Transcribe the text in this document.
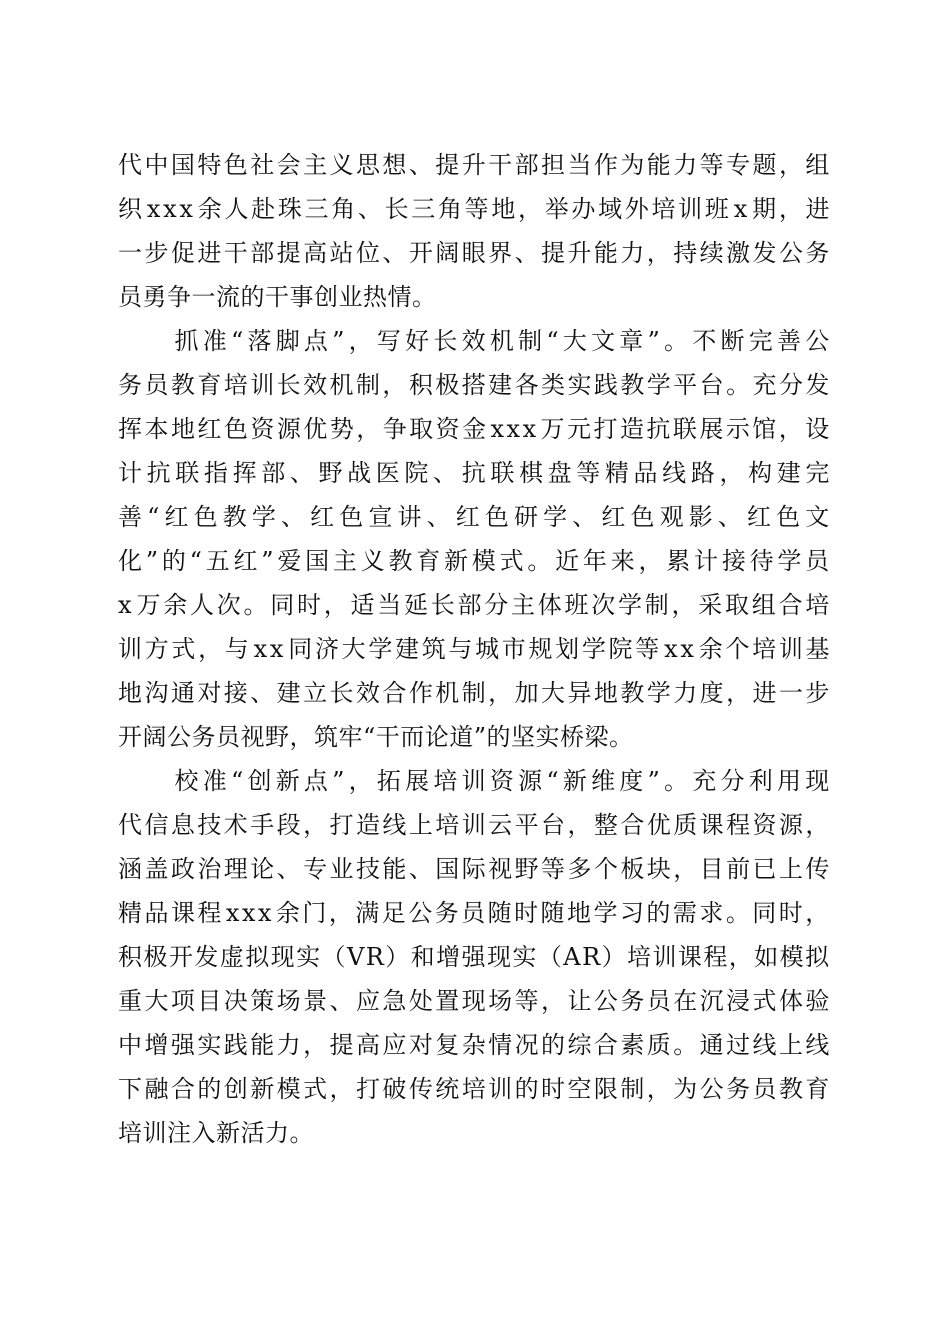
代 中 国 特 色 社 会 主 义 思 想 、 提 升 干 部 担 当 作 为 能 力 等 专 题 ， 组
织 x x x 余 人 赴 珠 三 角 、 长 三 角 等 地 ， 举 办 域 外 培 训 班 x 期 ， 进
一 步 促 进 干 部 提 高 站 位 、 开 阔 眼 界 、 提 升 能 力 ， 持 续 激 发 公 务
员勇争一流的干事创业热情。

抓 准 “ 落 脚 点 ” ， 写 好 长 效 机 制 “ 大 文 章 ” 。 不 断 完 善 公
务 员 教 育 培 训 长 效 机 制 ， 积 极 搭 建 各 类 实 践 教 学 平 台 。 充 分 发
挥 本 地 红 色 资 源 优 势 ， 争 取 资 金 x x x 万 元 打 造 抗 联 展 示 馆 ， 设
计 抗 联 指 挥 部 、 野 战 医 院 、 抗 联 棋 盘 等 精 品 线 路 ， 构 建 完
善 “ 红 色 教 学 、 红 色 宣 讲 、 红 色 研 学 、 红 色 观 影 、 红 色 文
化 ” 的 “ 五 红 ” 爱 国 主 义 教 育 新 模 式 。 近 年 来 ， 累 计 接 待 学 员
x 万 余 人 次 。 同 时 ， 适 当 延 长 部 分 主 体 班 次 学 制 ， 采 取 组 合 培
训 方 式 ， 与 x x 同 济 大 学 建 筑 与 城 市 规 划 学 院 等 x x 余 个 培 训 基
地 沟 通 对 接 、 建 立 长 效 合 作 机 制 ， 加 大 异 地 教 学 力 度 ， 进 一 步
开阔公务员视野，筑牢“干而论道”的坚实桥梁。

校 准 “ 创 新 点 ” ， 拓 展 培 训 资 源 “ 新 维 度 ” 。 充 分 利 用 现
代 信 息 技 术 手 段 ， 打 造 线 上 培 训 云 平 台 ， 整 合 优 质 课 程 资 源 ，
涵 盖 政 治 理 论 、 专 业 技 能 、 国 际 视 野 等 多 个 板 块 ， 目 前 已 上 传
精 品 课 程 x x x 余 门 ， 满 足 公 务 员 随 时 随 地 学 习 的 需 求 。 同 时 ，
积 极 开 发 虚 拟 现 实 （ V R ） 和 增 强 现 实 （ A R ） 培 训 课 程 ， 如 模 拟
重 大 项 目 决 策 场 景 、 应 急 处 置 现 场 等 ， 让 公 务 员 在 沉 浸 式 体 验
中 增 强 实 践 能 力 ， 提 高 应 对 复 杂 情 况 的 综 合 素 质 。 通 过 线 上 线
下 融 合 的 创 新 模 式 ， 打 破 传 统 培 训 的 时 空 限 制 ， 为 公 务 员 教 育
培训注入新活力。
